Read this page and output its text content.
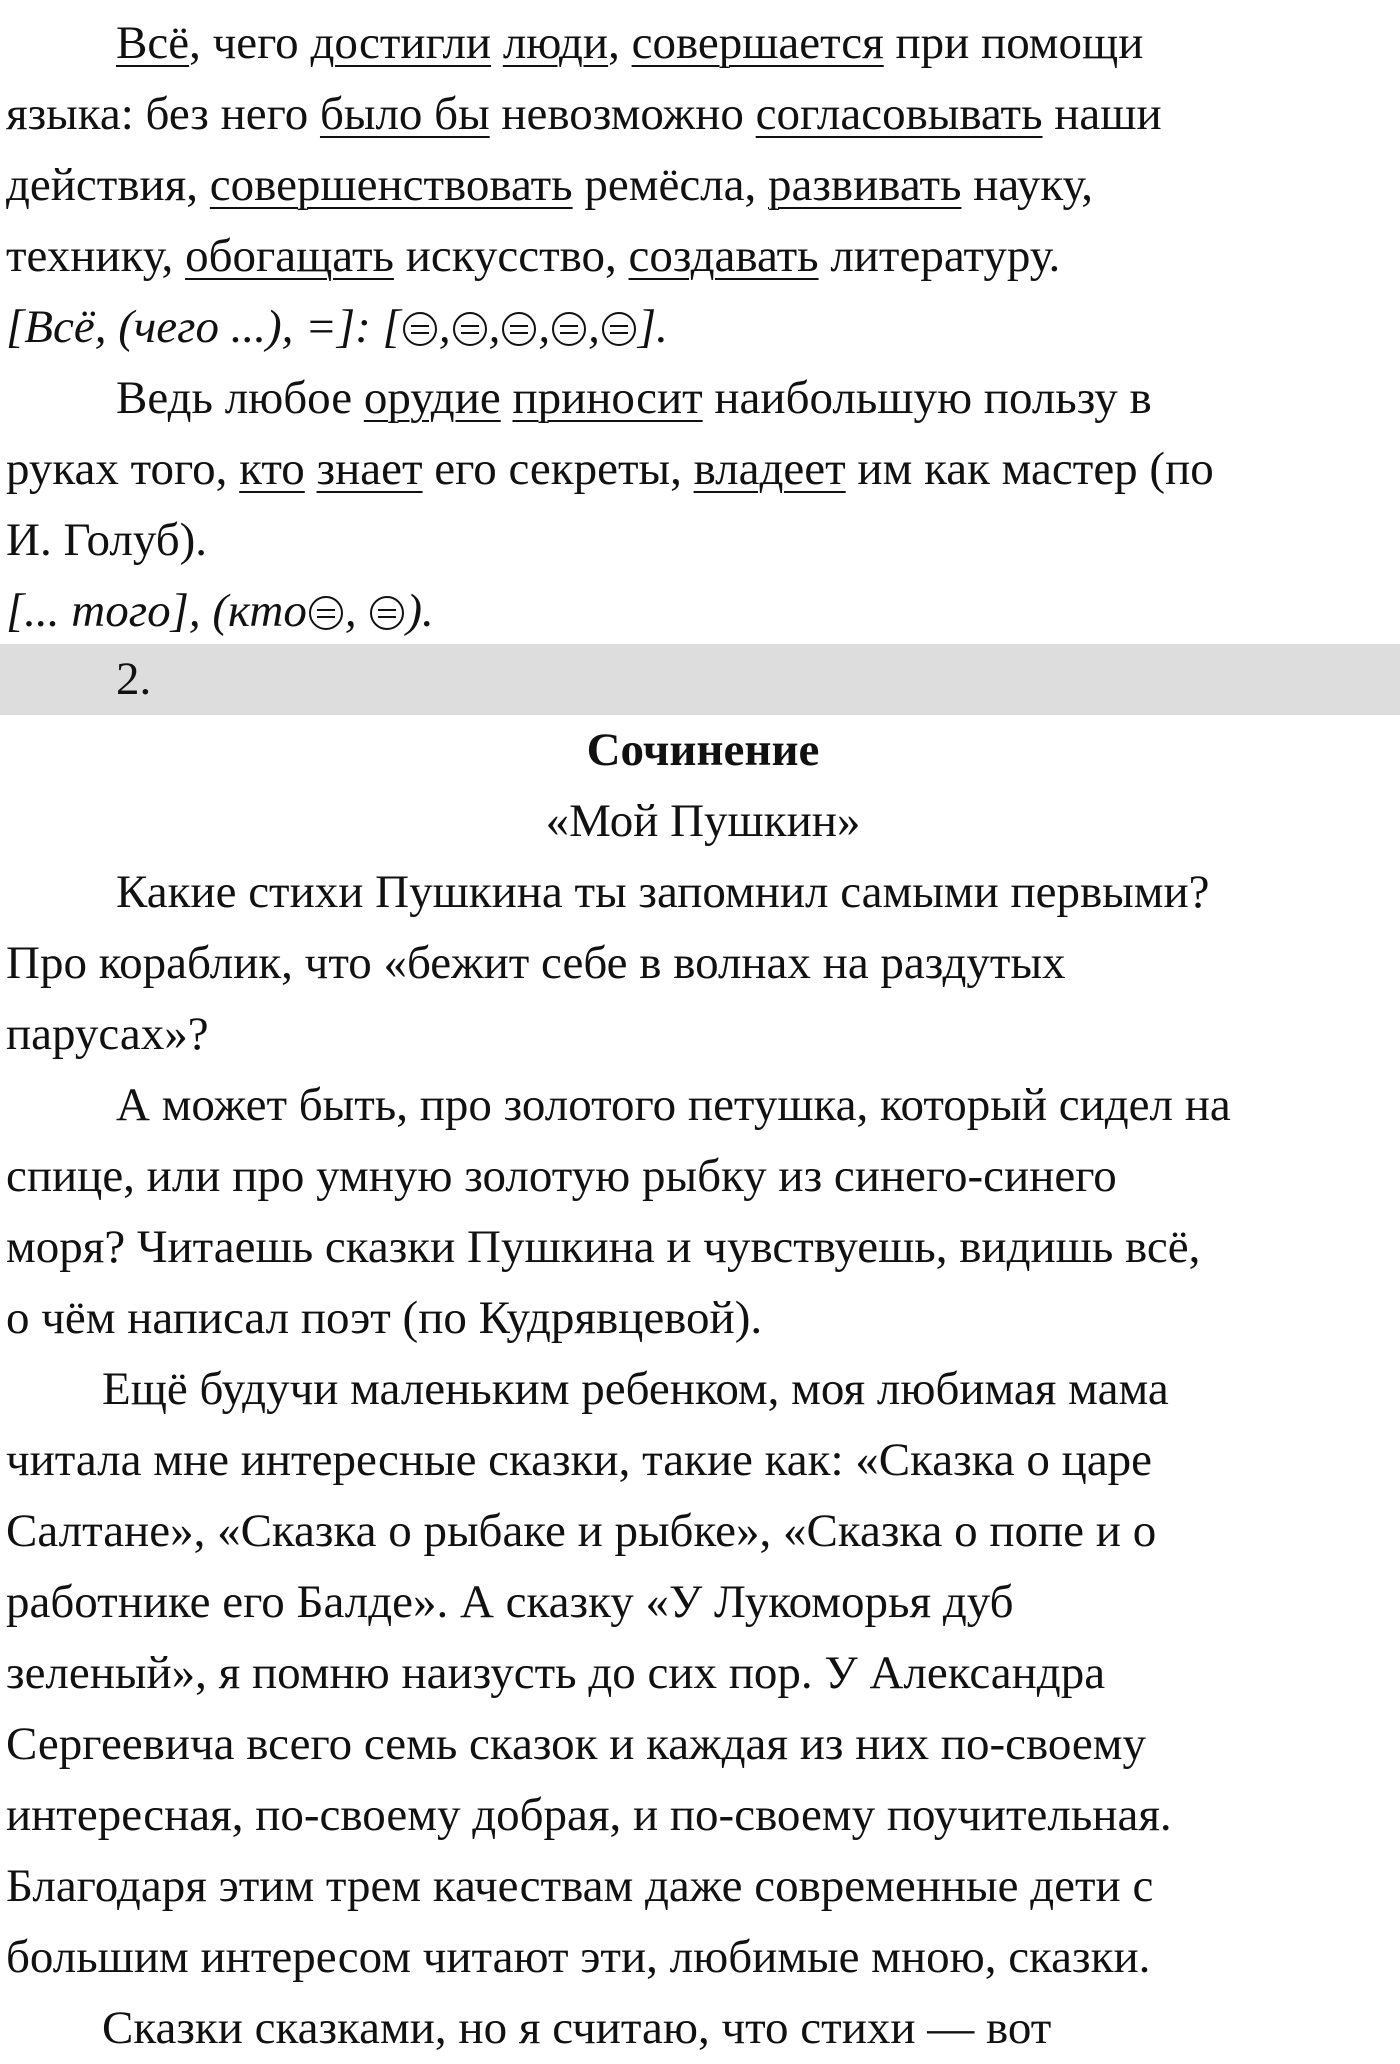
Всё, чего достигли люди, совершается при помощи

языка: без него было бы невозможно согласовывать наши

действия, совершенствовать ремёсла, развивать науку,

технику, обогащать искусство, создавать литературу.

[Всё, (чего ...), =]: [ , , , , ].

Ведь любое орудие приносит наибольшую пользу в

руках того, кто знает его секреты, владеет им как мастер (по

И. Голуб).

[... того], (кто , ).

2.

Сочинение

«Мой Пушкин»

Какие стихи Пушкина ты запомнил самыми первыми?

Про кораблик, что «бежит себе в волнах на раздутых

парусах»?

А может быть, про золотого петушка, который сидел на

спице, или про умную золотую рыбку из синего-синего

моря? Читаешь сказки Пушкина и чувствуешь, видишь всё,

о чём написал поэт (по Кудрявцевой).

Ещё будучи маленьким ребенком, моя любимая мама

читала мне интересные сказки, такие как: «Сказка о царе

Салтане», «Сказка о рыбаке и рыбке», «Сказка о попе и о

работнике его Балде». А сказку «У Лукоморья дуб

зеленый», я помню наизусть до сих пор. У Александра

Сергеевича всего семь сказок и каждая из них по-своему

интересная, по-своему добрая, и по-своему поучительная.

Благодаря этим трем качествам даже современные дети с

большим интересом читают эти, любимые мною, сказки.

Сказки сказками, но я считаю, что стихи — вот
